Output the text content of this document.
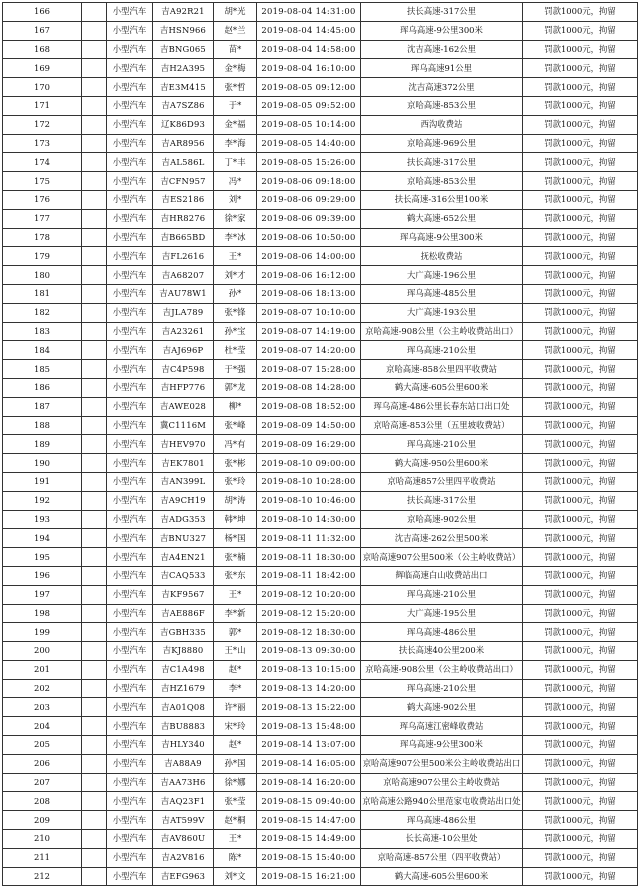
166		小型汽车	吉A92R21	胡*光	2019-08-04 14:31:00	扶长高速-317公里	罚款1000元，拘留
167		小型汽车	吉HSN966	赵*兰	2019-08-04 14:45:00	珲乌高速-9公里300米	罚款1000元，拘留
168		小型汽车	吉BNG065	苗*	2019-08-04 14:58:00	沈吉高速-162公里	罚款1000元，拘留
169		小型汽车	吉H2A395	金*梅	2019-08-04 16:10:00	珲乌高速91公里	罚款1000元，拘留
170		小型汽车	吉E3M415	张*哲	2019-08-05 09:12:00	沈吉高速372公里	罚款1000元，拘留
171		小型汽车	吉A7SZ86	于*	2019-08-05 09:52:00	京哈高速-853公里	罚款1000元，拘留
172		小型汽车	辽K86D93	金*福	2019-08-05 10:14:00	西沟收费站	罚款1000元，拘留
173		小型汽车	吉AR8956	李*海	2019-08-05 14:40:00	京哈高速-969公里	罚款1000元，拘留
174		小型汽车	吉AL586L	丁*丰	2019-08-05 15:26:00	扶长高速-317公里	罚款1000元，拘留
175		小型汽车	吉CFN957	冯*	2019-08-06 09:18:00	京哈高速-853公里	罚款1000元，拘留
176		小型汽车	吉ES2186	刘*	2019-08-06 09:29:00	扶长高速-316公里100米	罚款1000元，拘留
177		小型汽车	吉HR8276	徐*家	2019-08-06 09:39:00	鹤大高速-652公里	罚款1000元，拘留
178		小型汽车	吉B665BD	李*冰	2019-08-06 10:50:00	珲乌高速-9公里300米	罚款1000元，拘留
179		小型汽车	吉FL2616	王*	2019-08-06 14:00:00	抚松收费站	罚款1000元，拘留
180		小型汽车	吉A68207	刘*才	2019-08-06 16:12:00	大广高速-196公里	罚款1000元，拘留
181		小型汽车	吉AU78W1	孙*	2019-08-06 18:13:00	珲乌高速-485公里	罚款1000元，拘留
182		小型汽车	吉JLA789	张*锋	2019-08-07 10:10:00	大广高速-193公里	罚款1000元，拘留
183		小型汽车	吉A23261	孙*宝	2019-08-07 14:19:00	京哈高速-908公里（公主岭收费站出口）	罚款1000元，拘留
184		小型汽车	吉AJ696P	杜*莹	2019-08-07 14:20:00	珲乌高速-210公里	罚款1000元，拘留
185		小型汽车	吉C4P598	于*强	2019-08-07 15:28:00	京哈高速-858公里四平收费站	罚款1000元，拘留
186		小型汽车	吉HFP776	郭*龙	2019-08-08 14:28:00	鹤大高速-605公里600米	罚款1000元，拘留
187		小型汽车	吉AWE028	柳*	2019-08-08 18:52:00	珲乌高速-486公里长春东站口出口处	罚款1000元，拘留
188		小型汽车	冀C1116M	张*峰	2019-08-09 14:50:00	京哈高速-853公里（五里坡收费站）	罚款1000元，拘留
189		小型汽车	吉HEV970	冯*有	2019-08-09 16:29:00	珲乌高速-210公里	罚款1000元，拘留
190		小型汽车	吉EK7801	张*彬	2019-08-10 09:00:00	鹤大高速-950公里600米	罚款1000元，拘留
191		小型汽车	吉AN399L	张*玲	2019-08-10 10:28:00	京哈高速857公里四平收费站	罚款1000元，拘留
192		小型汽车	吉A9CH19	胡*涛	2019-08-10 10:46:00	扶长高速-317公里	罚款1000元，拘留
193		小型汽车	吉ADG353	韩*坤	2019-08-10 14:30:00	京哈高速-902公里	罚款1000元，拘留
194		小型汽车	吉BNU327	杨*国	2019-08-11 11:32:00	沈吉高速-262公里500米	罚款1000元，拘留
195		小型汽车	吉A4EN21	张*楠	2019-08-11 18:30:00	京哈高速907公里500米（公主岭收费站）	罚款1000元，拘留
196		小型汽车	吉CAQ533	张*东	2019-08-11 18:42:00	辉临高速白山收费站出口	罚款1000元，拘留
197		小型汽车	吉KF9567	王*	2019-08-12 10:20:00	珲乌高速-210公里	罚款1000元，拘留
198		小型汽车	吉AE886F	李*新	2019-08-12 15:20:00	大广高速-195公里	罚款1000元，拘留
199		小型汽车	吉GBH335	郭*	2019-08-12 18:30:00	珲乌高速-486公里	罚款1000元，拘留
200		小型汽车	吉KJ8880	王*山	2019-08-13 09:30:00	扶长高速40公里200米	罚款1000元，拘留
201		小型汽车	吉C1A498	赵*	2019-08-13 10:15:00	京哈高速-908公里（公主岭收费站出口）	罚款1000元，拘留
202		小型汽车	吉HZ1679	李*	2019-08-13 14:20:00	珲乌高速-210公里	罚款1000元，拘留
203		小型汽车	吉A01Q08	许*丽	2019-08-13 15:22:00	鹤大高速-902公里	罚款1000元，拘留
204		小型汽车	吉BU8883	宋*玲	2019-08-13 15:48:00	珲乌高速江密峰收费站	罚款1000元，拘留
205		小型汽车	吉HLY340	赵*	2019-08-14 13:07:00	珲乌高速-9公里300米	罚款1000元，拘留
206		小型汽车	吉A88A9	孙*国	2019-08-14 16:05:00	京哈高速907公里500米公主岭收费站出口	罚款1000元，拘留
207		小型汽车	吉AA73H6	徐*娜	2019-08-14 16:20:00	京哈高速907公里公主岭收费站	罚款1000元，拘留
208		小型汽车	吉AQ23F1	张*莹	2019-08-15 09:40:00	京哈高速公路940公里范家屯收费站出口处	罚款1000元，拘留
209		小型汽车	吉AT599V	赵*桐	2019-08-15 14:47:00	珲乌高速-486公里	罚款1000元，拘留
210		小型汽车	吉AV860U	王*	2019-08-15 14:49:00	长长高速-10公里处	罚款1000元，拘留
211		小型汽车	吉A2V816	陈*	2019-08-15 15:40:00	京哈高速-857公里（四平收费站）	罚款1000元，拘留
212		小型汽车	吉EFG963	刘*文	2019-08-15 16:21:00	鹤大高速-605公里600米	罚款1000元，拘留
